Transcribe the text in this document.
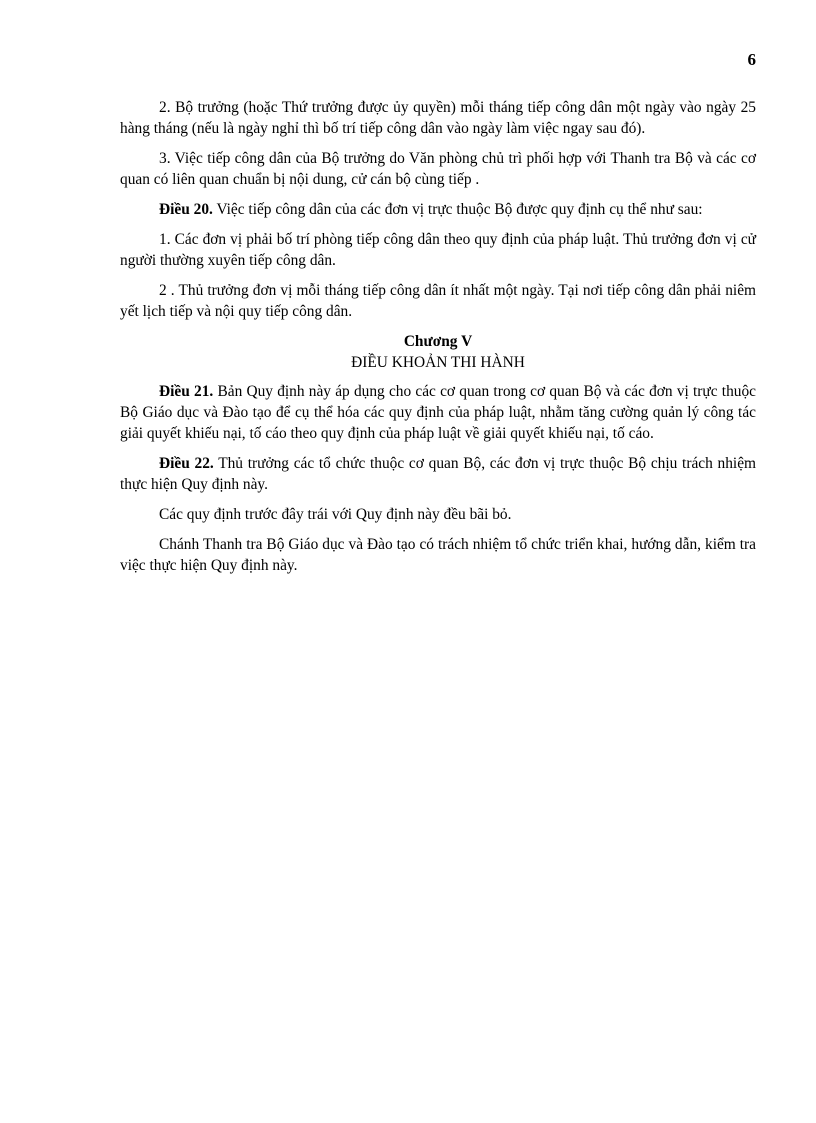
6

2. Bộ trưởng (hoặc Thứ trưởng được ủy quyền) mỗi tháng tiếp công dân một ngày vào ngày 25 hàng tháng (nếu là ngày nghỉ thì bố trí tiếp công dân vào ngày làm việc ngay sau đó).

3. Việc tiếp công dân của Bộ trưởng do Văn phòng chủ trì phối hợp với Thanh tra Bộ và các cơ quan có liên quan chuẩn bị nội dung, cử cán bộ cùng tiếp .

Điều 20. Việc tiếp công dân của các đơn vị trực thuộc Bộ được quy định cụ thể như sau:

1. Các đơn vị phải bố trí phòng tiếp công dân theo quy định của pháp luật. Thủ trưởng đơn vị cử người thường xuyên tiếp công dân.

2 . Thủ trưởng đơn vị mỗi tháng tiếp công dân ít nhất một ngày. Tại nơi tiếp công dân phải niêm yết lịch tiếp và nội quy tiếp công dân.

Chương V
ĐIỀU KHOẢN THI HÀNH

Điều 21. Bản Quy định này áp dụng cho các cơ quan trong cơ quan Bộ và các đơn vị trực thuộc Bộ Giáo dục và Đào tạo để cụ thể hóa các quy định của pháp luật, nhằm tăng cường quản lý công tác giải quyết khiếu nại, tố cáo theo quy định của pháp luật về giải quyết khiếu nại, tố cáo.

Điều 22. Thủ trưởng các tổ chức thuộc cơ quan Bộ, các đơn vị trực thuộc Bộ chịu trách nhiệm thực hiện Quy định này.

Các quy định trước đây trái với Quy định này đều bãi bỏ.

Chánh Thanh tra Bộ Giáo dục và Đào tạo có trách nhiệm tổ chức triển khai, hướng dẫn, kiểm tra việc thực hiện Quy định này.
